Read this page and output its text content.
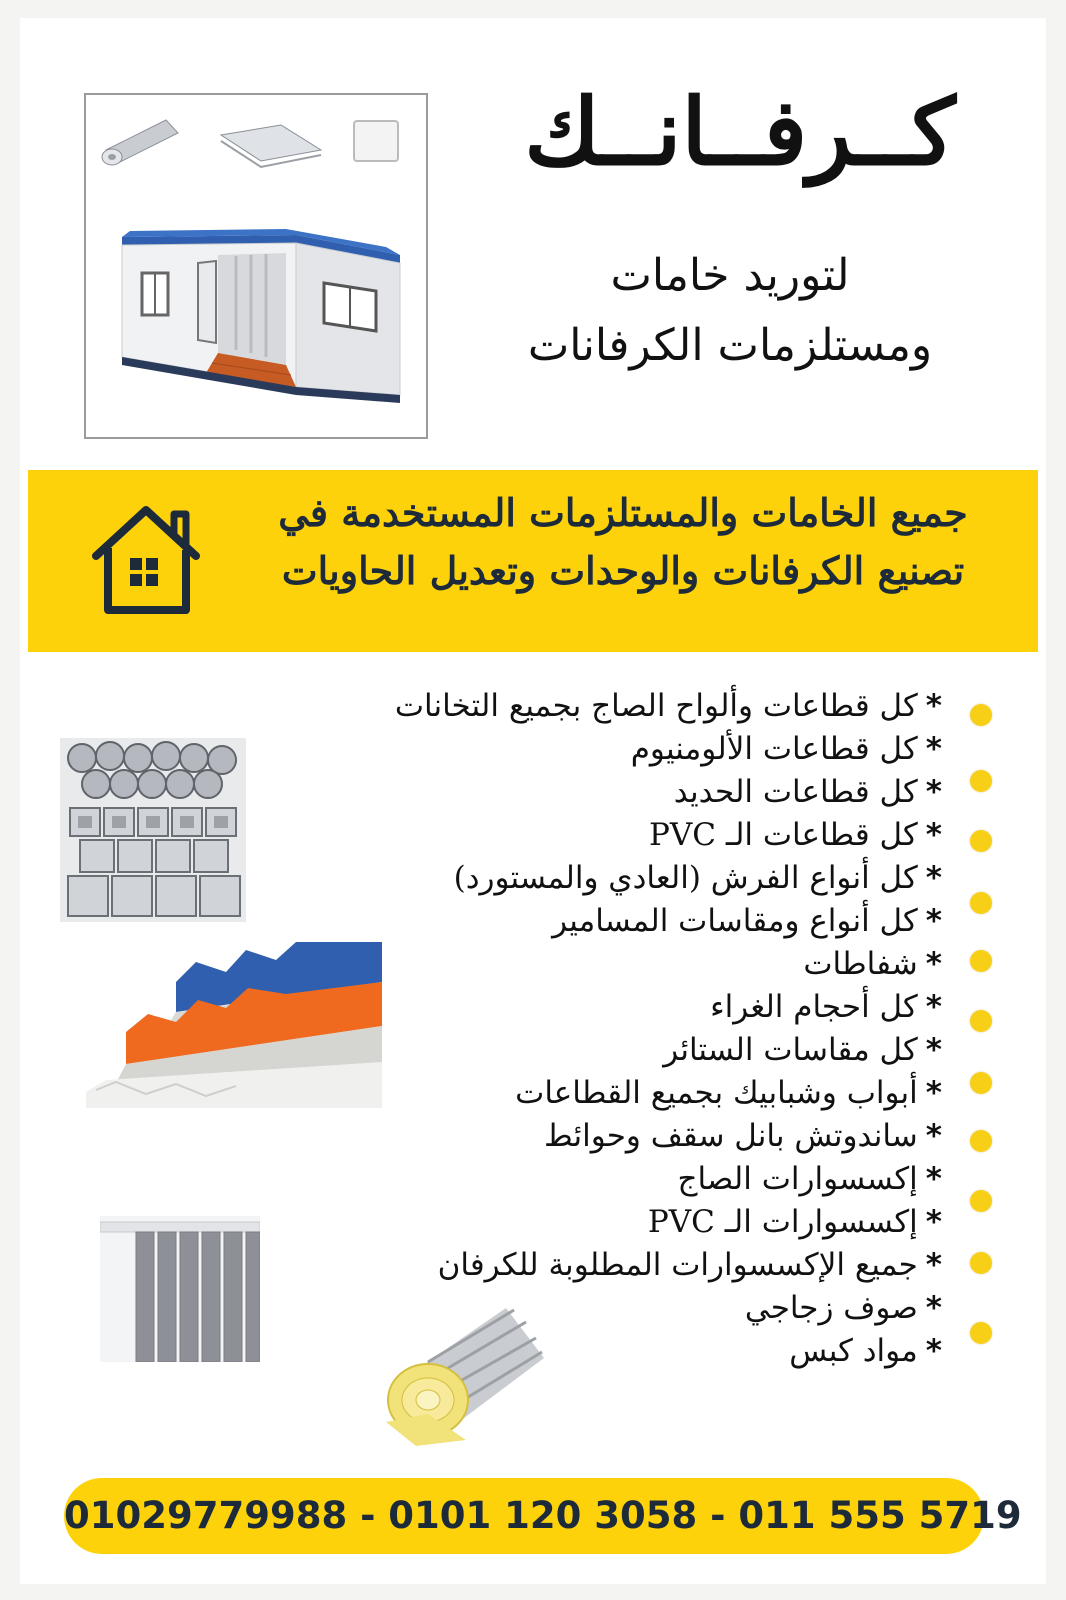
كــرفــانــك
لتوريد خامات
ومستلزمات الكرفانات
جميع الخامات والمستلزمات المستخدمة في
تصنيع الكرفانات والوحدات وتعديل الحاويات
*كل قطاعات وألواح الصاج بجميع التخانات
*كل قطاعات الألومنيوم
*كل قطاعات الحديد
*كل قطاعات الـ PVC
*كل أنواع الفرش (العادي والمستورد)
*كل أنواع ومقاسات المسامير
*شفاطات
*كل أحجام الغراء
*كل مقاسات الستائر
*أبواب وشبابيك بجميع القطاعات
*ساندوتش بانل سقف وحوائط
*إكسسوارات الصاج
*إكسسوارات الـ PVC
*جميع الإكسسوارات المطلوبة للكرفان
*صوف زجاجي
*مواد كبس
01029779988 - 0101 120 3058 - 011 555 5719
